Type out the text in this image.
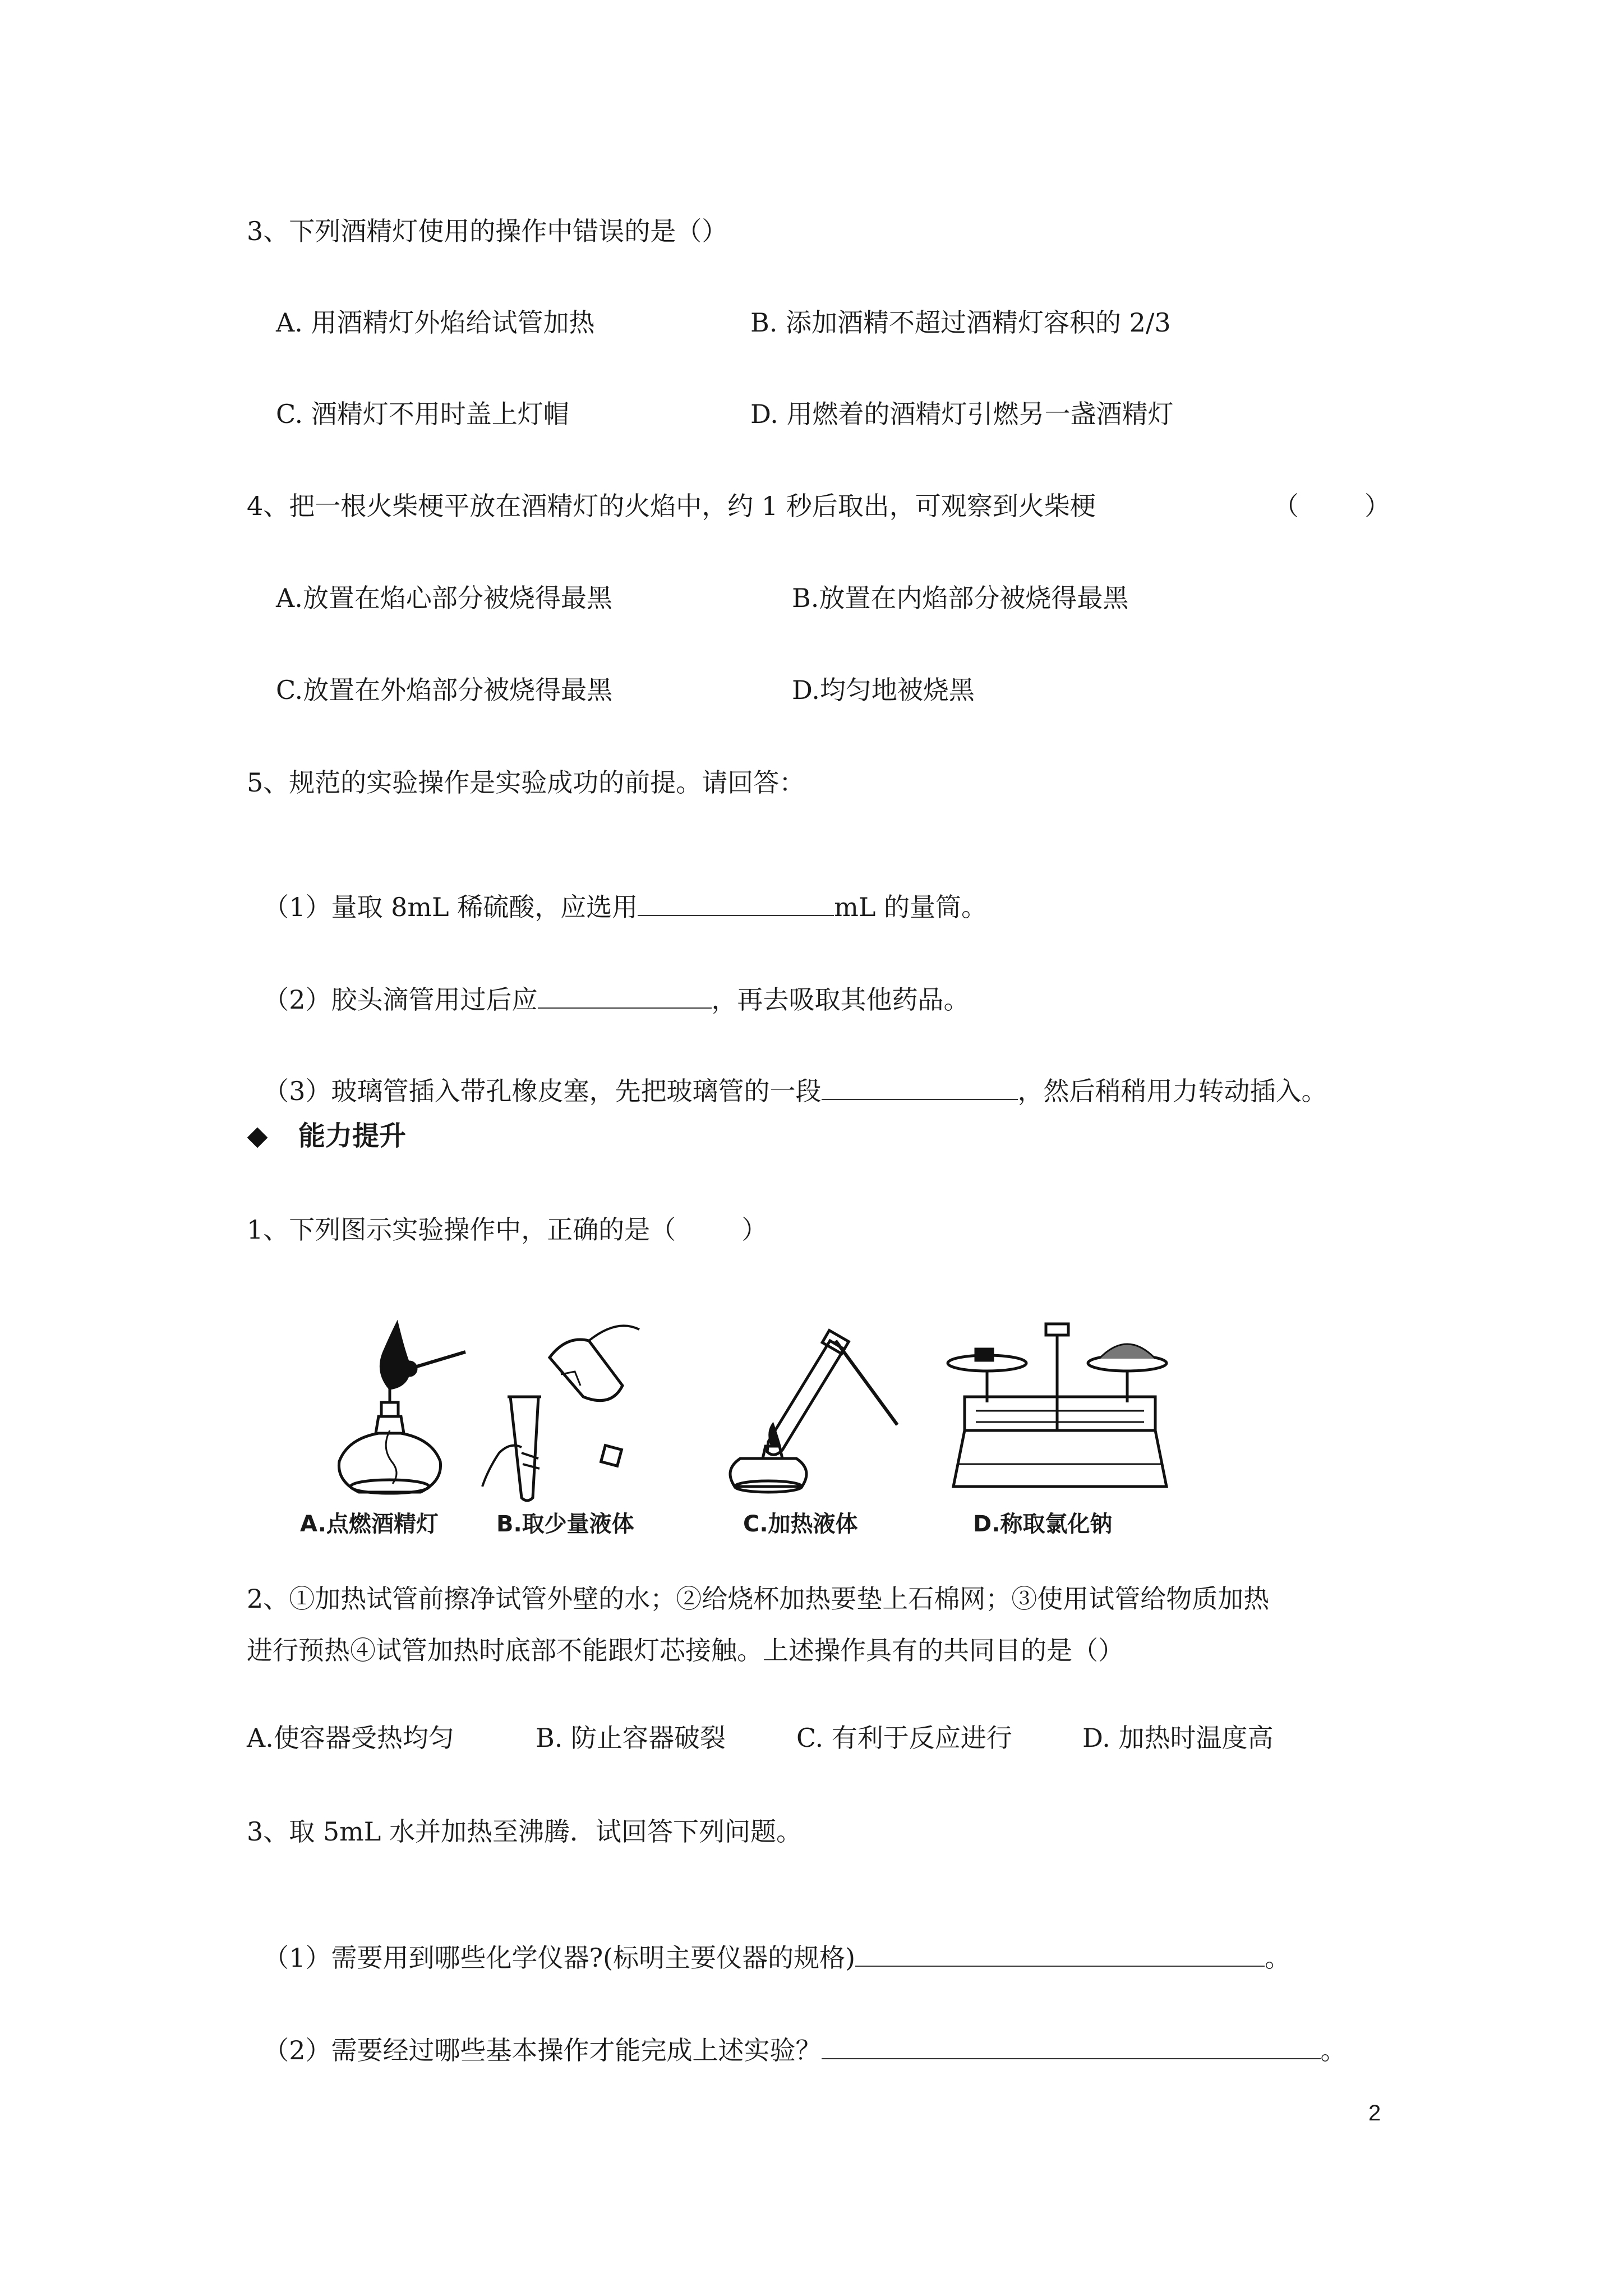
3、下列酒精灯使用的操作中错误的是（）
A. 用酒精灯外焰给试管加热	B. 添加酒精不超过酒精灯容积的 2/3
C. 酒精灯不用时盖上灯帽	D. 用燃着的酒精灯引燃另一盏酒精灯
4、把一根火柴梗平放在酒精灯的火焰中，约 1 秒后取出，可观察到火柴梗	（        ）
A.放置在焰心部分被烧得最黑	B.放置在内焰部分被烧得最黑
C.放置在外焰部分被烧得最黑	D.均匀地被烧黑
5、规范的实验操作是实验成功的前提。请回答：

（1）量取 8mL 稀硫酸，应选用	mL 的量筒。

（2）胶头滴管用过后应	，再去吸取其他药品。

（3）玻璃管插入带孔橡皮塞，先把玻璃管的一段	，然后稍稍用力转动插入。

能力提升
1、下列图示实验操作中，正确的是（        ）
A.点燃酒精灯	B.取少量液体	C.加热液体	D.称取氯化钠
2、①加热试管前擦净试管外壁的水；②给烧杯加热要垫上石棉网；③使用试管给物质加热
进行预热④试管加热时底部不能跟灯芯接触。上述操作具有的共同目的是（）
A.使容器受热均匀	B. 防止容器破裂	C. 有利于反应进行	D. 加热时温度高
3、取 5mL 水并加热至沸腾．试回答下列问题。

（1）需要用到哪些化学仪器?(标明主要仪器的规格)	。

（2）需要经过哪些基本操作才能完成上述实验？	。

2
